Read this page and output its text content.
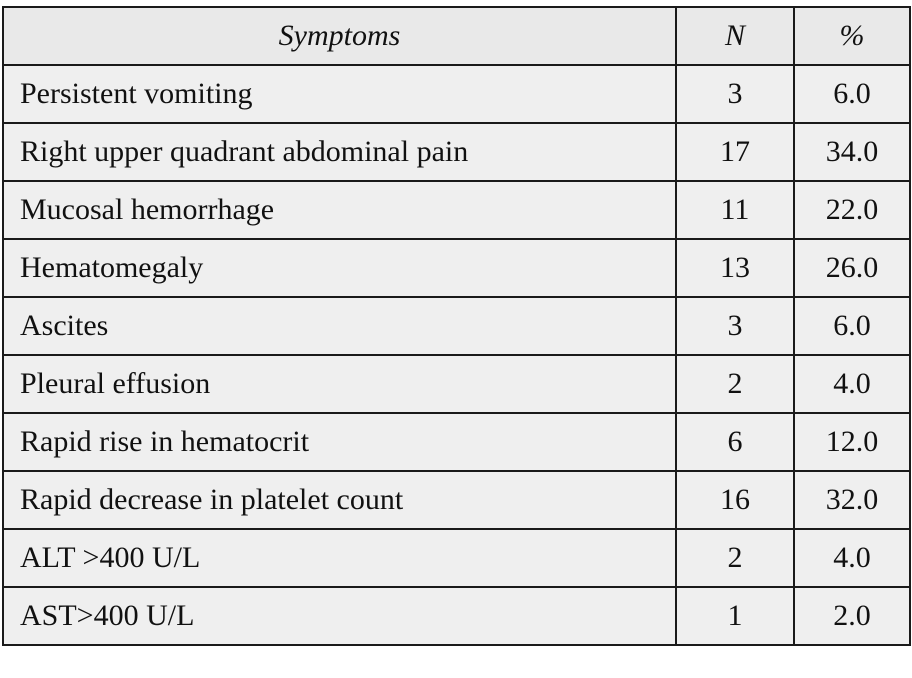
Symptoms	N	%
Persistent vomiting	3	6.0
Right upper quadrant abdominal pain	17	34.0
Mucosal hemorrhage	11	22.0
Hematomegaly	13	26.0
Ascites	3	6.0
Pleural effusion	2	4.0
Rapid rise in hematocrit	6	12.0
Rapid decrease in platelet count	16	32.0
ALT >400 U/L	2	4.0
AST>400 U/L	1	2.0
